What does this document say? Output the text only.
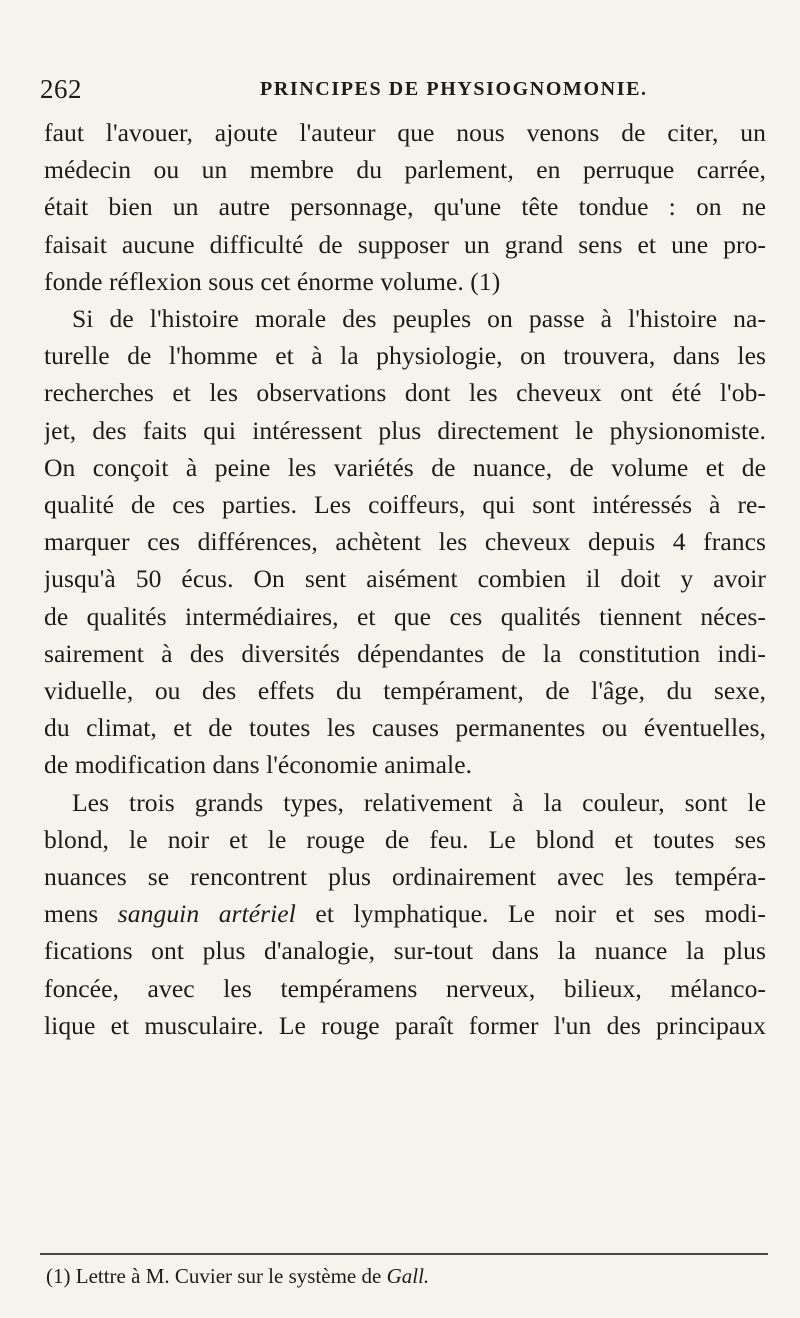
262	PRINCIPES DE PHYSIOGNOMONIE.

faut l'avouer, ajoute l'auteur que nous venons de citer, un
médecin ou un membre du parlement, en perruque carrée,
était bien un autre personnage, qu'une tête tondue : on ne
faisait aucune difficulté de supposer un grand sens et une pro-
fonde réflexion sous cet énorme volume. (1)

Si de l'histoire morale des peuples on passe à l'histoire na-
turelle de l'homme et à la physiologie, on trouvera, dans les
recherches et les observations dont les cheveux ont été l'ob-
jet, des faits qui intéressent plus directement le physionomiste.
On conçoit à peine les variétés de nuance, de volume et de
qualité de ces parties. Les coiffeurs, qui sont intéressés à re-
marquer ces différences, achètent les cheveux depuis 4 francs
jusqu'à 50 écus. On sent aisément combien il doit y avoir
de qualités intermédiaires, et que ces qualités tiennent néces-
sairement à des diversités dépendantes de la constitution indi-
viduelle, ou des effets du tempérament, de l'âge, du sexe,
du climat, et de toutes les causes permanentes ou éventuelles,
de modification dans l'économie animale.

Les trois grands types, relativement à la couleur, sont le
blond, le noir et le rouge de feu. Le blond et toutes ses
nuances se rencontrent plus ordinairement avec les tempéra-
mens sanguin artériel et lymphatique. Le noir et ses modi-
fications ont plus d'analogie, sur-tout dans la nuance la plus
foncée, avec les tempéramens nerveux, bilieux, mélanco-
lique et musculaire. Le rouge paraît former l'un des principaux

(1) Lettre à M. Cuvier sur le système de Gall.
